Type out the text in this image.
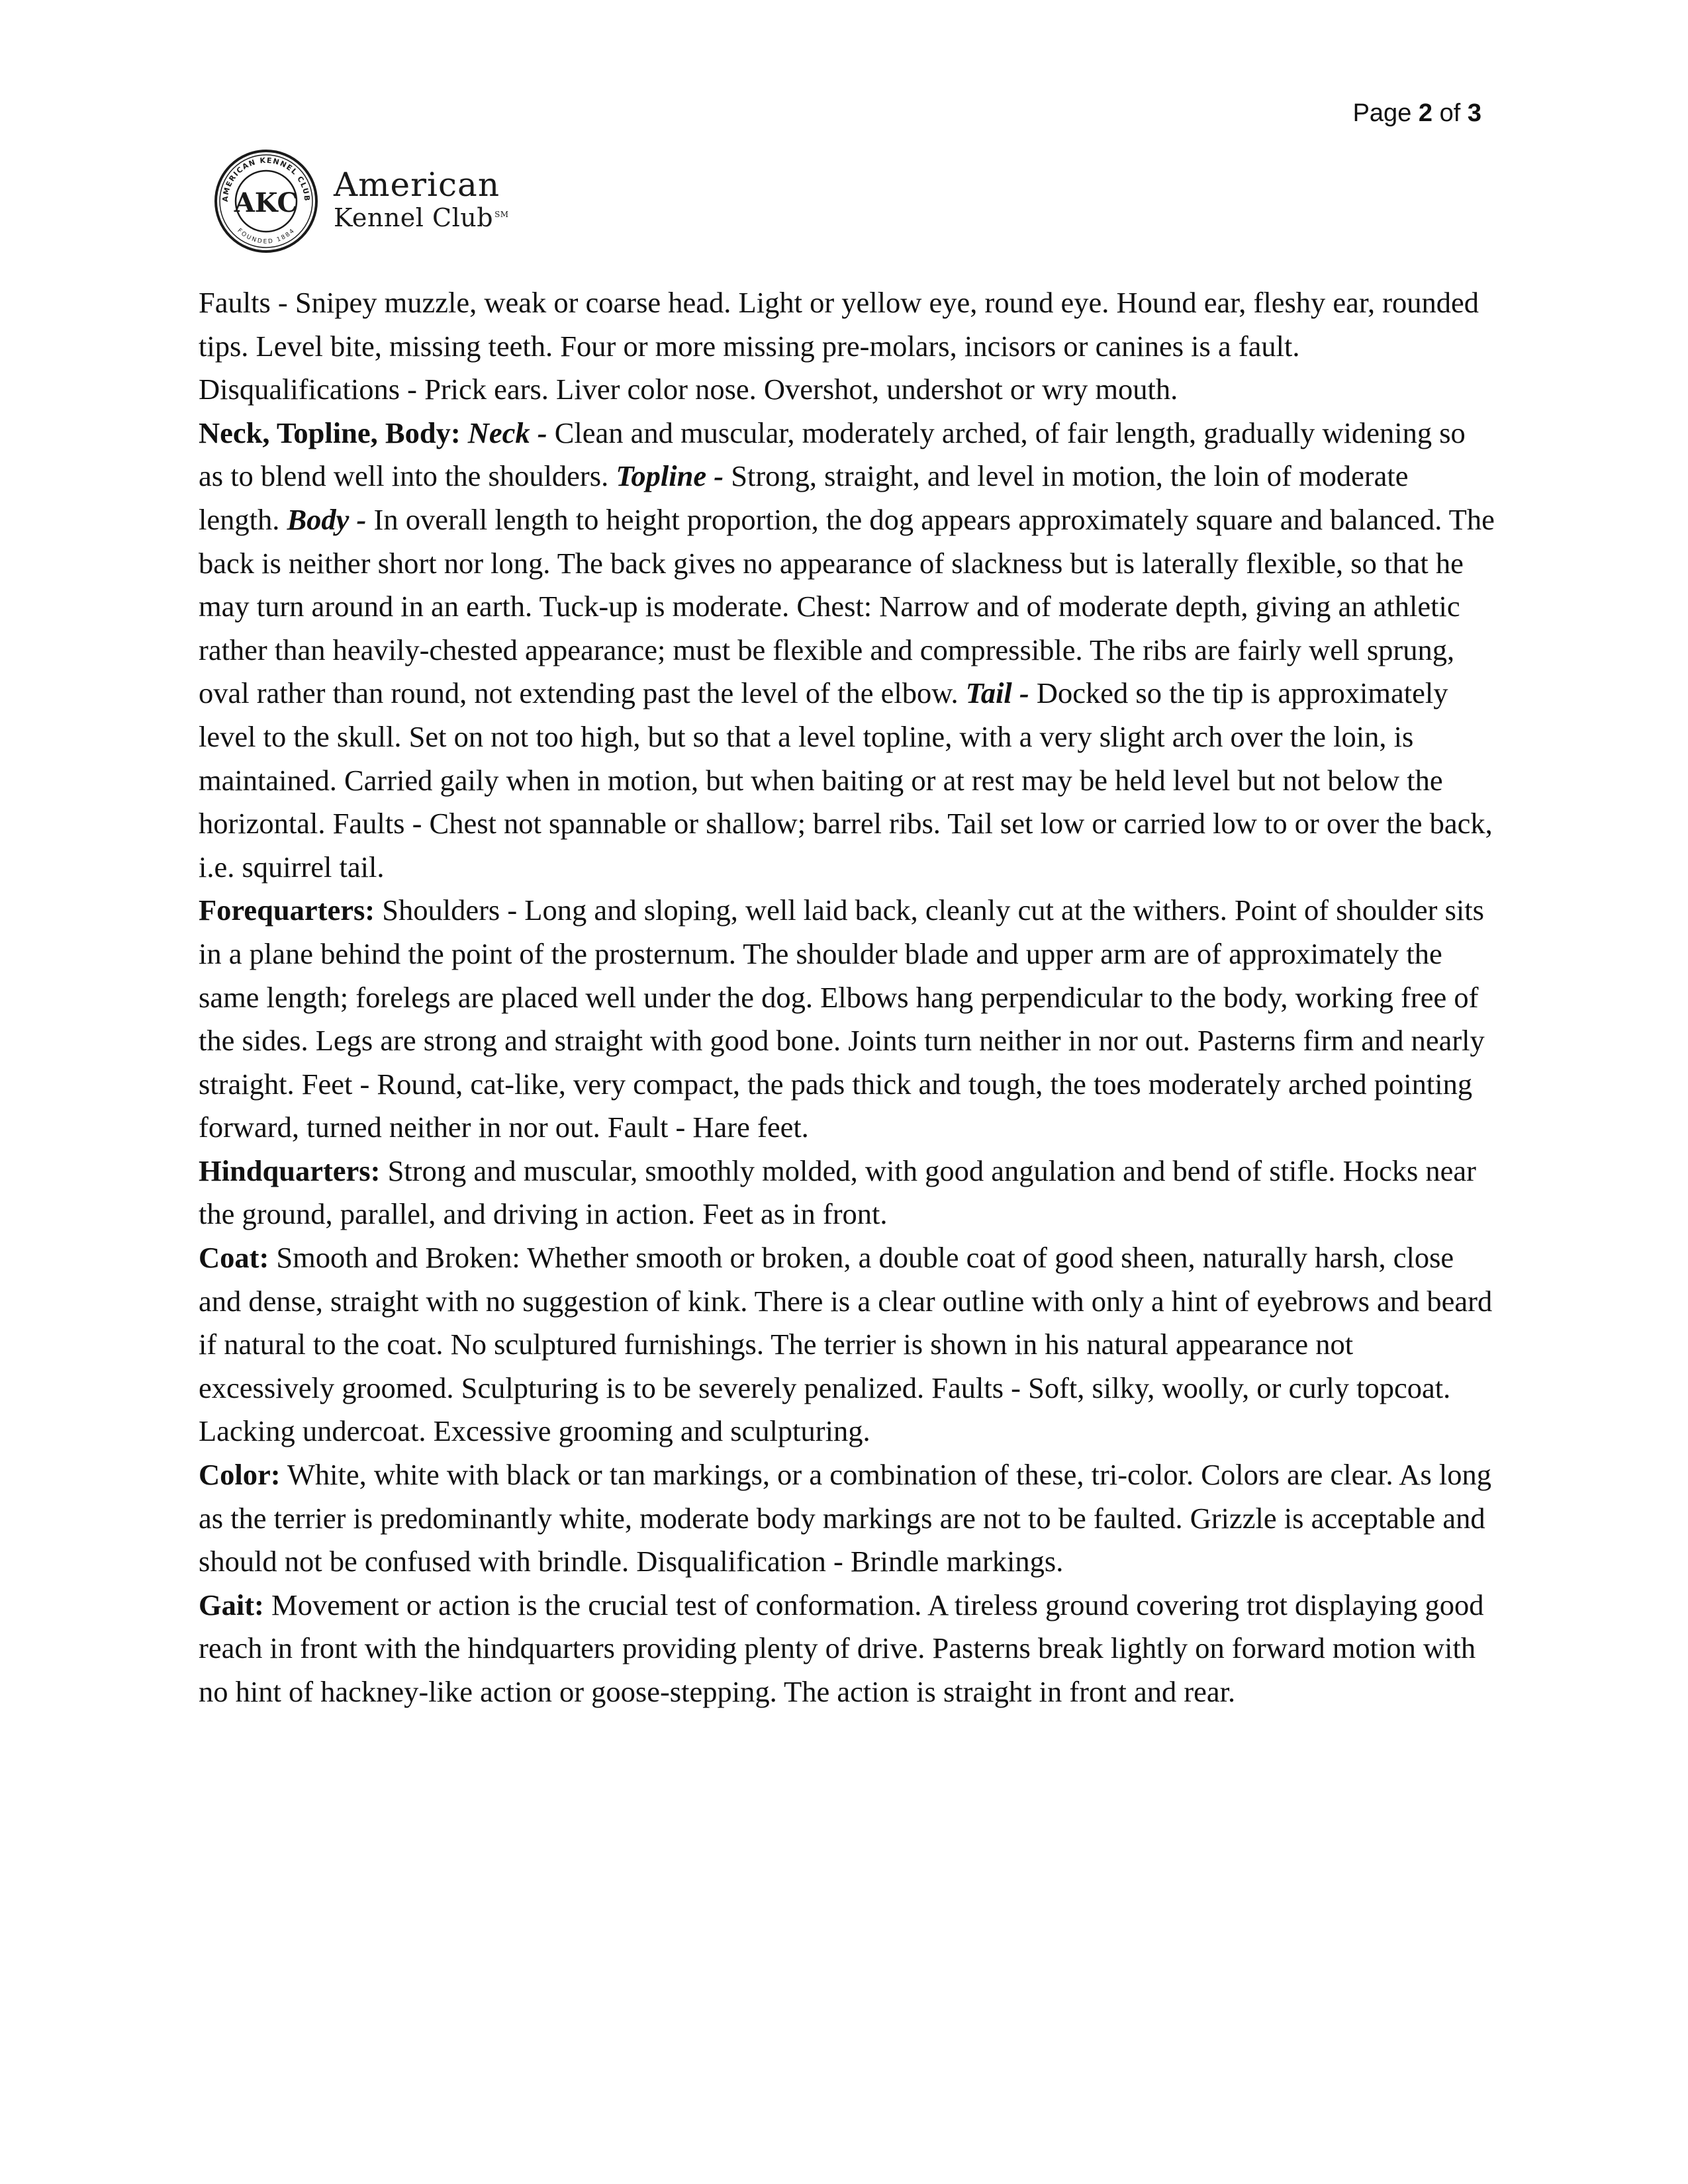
Page 2 of 3
AMERICAN KENNEL CLUB
FOUNDED 1884
AKC American
Kennel Club ℠

Faults - Snipey muzzle, weak or coarse head. Light or yellow eye, round eye. Hound ear, fleshy ear, rounded tips. Level bite, missing teeth. Four or more missing pre-molars, incisors or canines is a fault. Disqualifications - Prick ears. Liver color nose. Overshot, undershot or wry mouth.

Neck, Topline, Body: Neck - Clean and muscular, moderately arched, of fair length, gradually widening so as to blend well into the shoulders. Topline - Strong, straight, and level in motion, the loin of moderate length. Body - In overall length to height proportion, the dog appears approximately square and balanced. The back is neither short nor long. The back gives no appearance of slackness but is laterally flexible, so that he may turn around in an earth. Tuck-up is moderate. Chest: Narrow and of moderate depth, giving an athletic rather than heavily-chested appearance; must be flexible and compressible. The ribs are fairly well sprung, oval rather than round, not extending past the level of the elbow. Tail - Docked so the tip is approximately level to the skull. Set on not too high, but so that a level topline, with a very slight arch over the loin, is maintained. Carried gaily when in motion, but when baiting or at rest may be held level but not below the horizontal. Faults - Chest not spannable or shallow; barrel ribs. Tail set low or carried low to or over the back, i.e. squirrel tail.

Forequarters: Shoulders - Long and sloping, well laid back, cleanly cut at the withers. Point of shoulder sits in a plane behind the point of the prosternum. The shoulder blade and upper arm are of approximately the same length; forelegs are placed well under the dog. Elbows hang perpendicular to the body, working free of the sides. Legs are strong and straight with good bone. Joints turn neither in nor out. Pasterns firm and nearly straight. Feet - Round, cat-like, very compact, the pads thick and tough, the toes moderately arched pointing forward, turned neither in nor out. Fault - Hare feet.

Hindquarters: Strong and muscular, smoothly molded, with good angulation and bend of stifle. Hocks near the ground, parallel, and driving in action. Feet as in front.

Coat: Smooth and Broken: Whether smooth or broken, a double coat of good sheen, naturally harsh, close and dense, straight with no suggestion of kink. There is a clear outline with only a hint of eyebrows and beard if natural to the coat. No sculptured furnishings. The terrier is shown in his natural appearance not excessively groomed. Sculpturing is to be severely penalized. Faults - Soft, silky, woolly, or curly topcoat. Lacking undercoat. Excessive grooming and sculpturing.

Color: White, white with black or tan markings, or a combination of these, tri-color. Colors are clear. As long as the terrier is predominantly white, moderate body markings are not to be faulted. Grizzle is acceptable and should not be confused with brindle. Disqualification - Brindle markings.

Gait: Movement or action is the crucial test of conformation. A tireless ground covering trot displaying good reach in front with the hindquarters providing plenty of drive. Pasterns break lightly on forward motion with no hint of hackney-like action or goose-stepping. The action is straight in front and rear.
